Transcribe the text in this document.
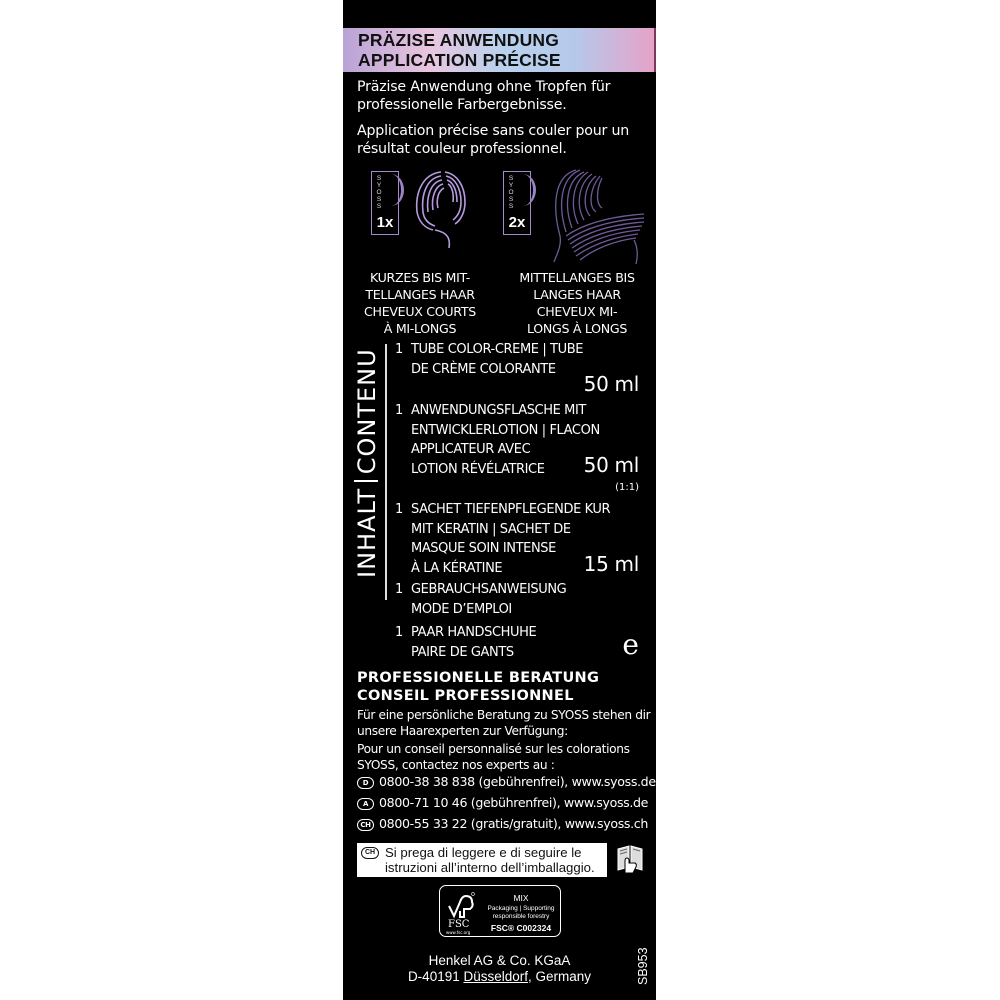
PRÄZISE ANWENDUNG
APPLICATION PRÉCISE
Präzise Anwendung ohne Tropfen für professionelle Farbergebnisse.
Application précise sans couler pour un résultat couleur professionnel.
S
Y
O
S
S
1x
S
Y
O
S
S
2x
KURZES BIS MIT-
TELLANGES HAAR
CHEVEUX COURTS
À MI-LONGS
MITTELLANGES BIS
LANGES HAAR
CHEVEUX MI-
LONGS À LONGS
INHALTCONTENU 1 TUBE COLOR-CREME | TUBE
DE CRÈME COLORANTE
50 ml
1 ANWENDUNGSFLASCHE MIT
ENTWICKLERLOTION | FLACON
APPLICATEUR AVEC
LOTION RÉVÉLATRICE	50 ml
(1:1)
1 SACHET TIEFENPFLEGENDE KUR
MIT KERATIN | SACHET DE
MASQUE SOIN INTENSE
À LA KÉRATINE	15 ml
1 GEBRAUCHSANWEISUNG
MODE D’EMPLOI
1 PAAR HANDSCHUHE
PAIRE DE GANTS	e
PROFESSIONELLE BERATUNG
CONSEIL PROFESSIONNEL
Für eine persönliche Beratung zu SYOSS stehen dir
unsere Haarexperten zur Verfügung:
Pour un conseil personnalisé sur les colorations
SYOSS, contactez nos experts au :
D 0800-38 38 838 (gebührenfrei), www.syoss.de
A 0800-71 10 46 (gebührenfrei), www.syoss.de
CH 0800-55 33 22 (gratis/gratuit), www.syoss.ch
CH Si prega di leggere e di seguire le
istruzioni all’interno dell’imballaggio.
FSC
www.fsc.org
MIX
Packaging | Supporting
responsible forestry
FSC® C002324
Henkel AG & Co. KGaA
D-40191 Düsseldorf, Germany	SB953
